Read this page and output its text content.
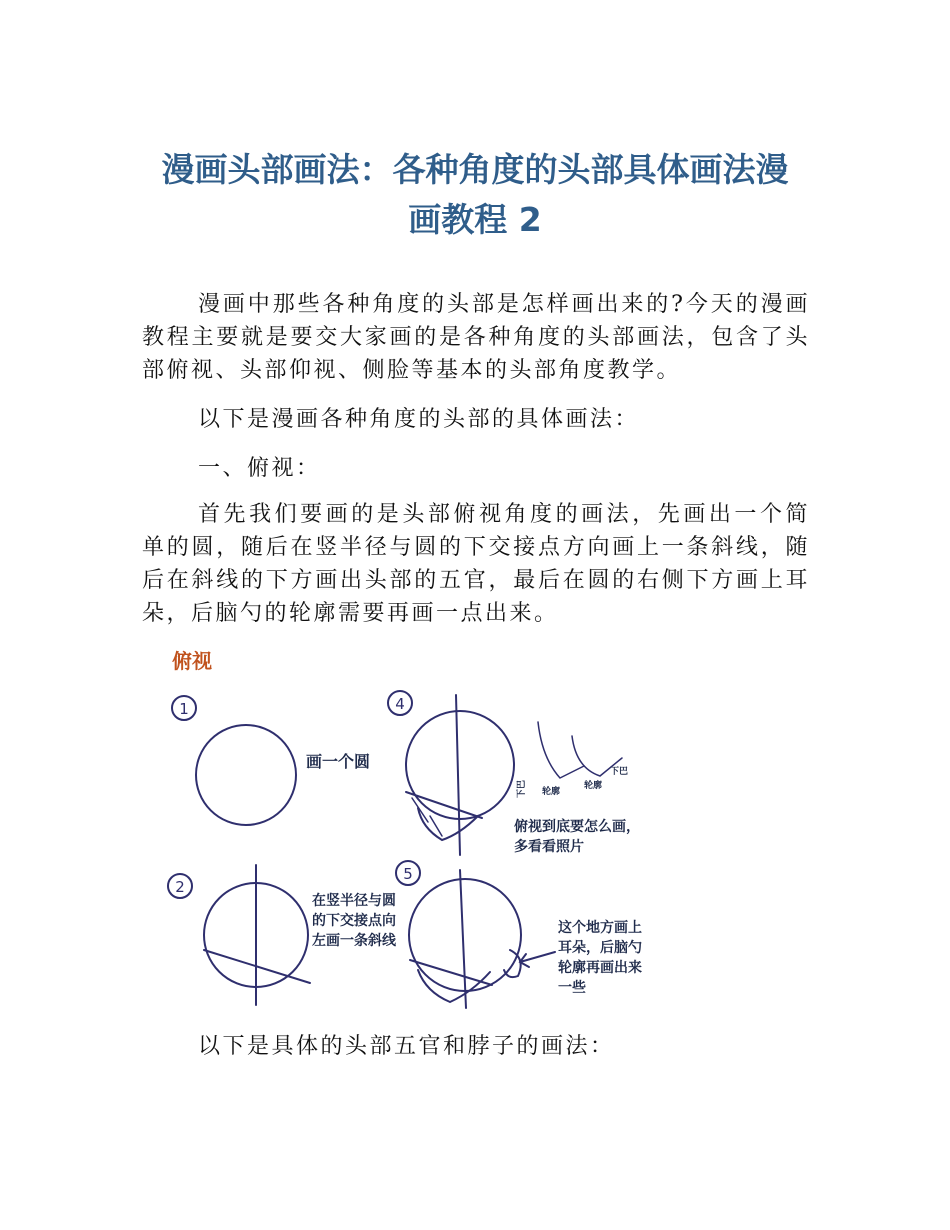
漫画头部画法：各种角度的头部具体画法漫
画教程 2

漫画中那些各种角度的头部是怎样画出来的?今天的漫画教程主要就是要交大家画的是各种角度的头部画法，包含了头部俯视、头部仰视、侧脸等基本的头部角度教学。

以下是漫画各种角度的头部的具体画法：

一、俯视：

首先我们要画的是头部俯视角度的画法，先画出一个简单的圆，随后在竖半径与圆的下交接点方向画上一条斜线，随后在斜线的下方画出头部的五官，最后在圆的右侧下方画上耳朵，后脑勺的轮廓需要再画一点出来。

俯视
1	4
2
5
画一个圆
在竖半径与圆
的下交接点向
左画一条斜线
俯视到底要怎么画，
多看看照片
这个地方画上
耳朵，后脑勺
轮廓再画出来
一些
下巴 轮廓
轮廓
下巴

以下是具体的头部五官和脖子的画法：
